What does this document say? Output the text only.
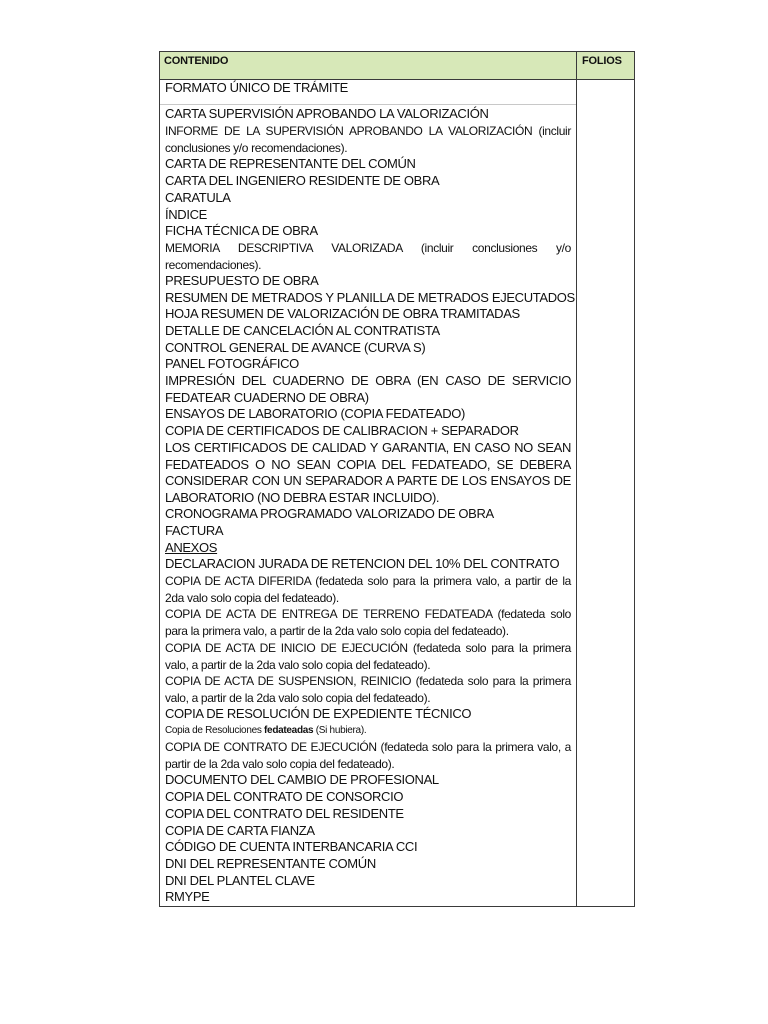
CONTENIDO	FOLIOS
FORMATO ÚNICO DE TRÁMITE
CARTA SUPERVISIÓN APROBANDO LA VALORIZACIÓN
INFORME DE LA SUPERVISIÓN APROBANDO LA VALORIZACIÓN (incluir conclusiones y/o recomendaciones).
CARTA DE REPRESENTANTE DEL COMÚN
CARTA DEL INGENIERO RESIDENTE DE OBRA
CARATULA
ÍNDICE
FICHA TÉCNICA DE OBRA
MEMORIA DESCRIPTIVA VALORIZADA (incluir conclusiones y/o recomendaciones).
PRESUPUESTO DE OBRA
RESUMEN DE METRADOS Y PLANILLA DE METRADOS EJECUTADOS
HOJA RESUMEN DE VALORIZACIÓN DE OBRA TRAMITADAS
DETALLE DE CANCELACIÓN AL CONTRATISTA
CONTROL GENERAL DE AVANCE (CURVA S)
PANEL FOTOGRÁFICO
IMPRESIÓN DEL CUADERNO DE OBRA (EN CASO DE SERVICIO FEDATEAR CUADERNO DE OBRA)
ENSAYOS DE LABORATORIO (COPIA FEDATEADO)
COPIA DE CERTIFICADOS DE CALIBRACION + SEPARADOR
LOS CERTIFICADOS DE CALIDAD Y GARANTIA, EN CASO NO SEAN FEDATEADOS O NO SEAN COPIA DEL FEDATEADO, SE DEBERA CONSIDERAR CON UN SEPARADOR A PARTE DE LOS ENSAYOS DE LABORATORIO (NO DEBRA ESTAR INCLUIDO).
CRONOGRAMA PROGRAMADO VALORIZADO DE OBRA
FACTURA
ANEXOS
DECLARACION JURADA DE RETENCION DEL 10% DEL CONTRATO
COPIA DE ACTA DIFERIDA (fedateda solo para la primera valo, a partir de la 2da valo solo copia del fedateado).
COPIA DE ACTA DE ENTREGA DE TERRENO FEDATEADA (fedateda solo para la primera valo, a partir de la 2da valo solo copia del fedateado).
COPIA DE ACTA DE INICIO DE EJECUCIÓN (fedateda solo para la primera valo, a partir de la 2da valo solo copia del fedateado).
COPIA DE ACTA DE SUSPENSION, REINICIO (fedateda solo para la primera valo, a partir de la 2da valo solo copia del fedateado).
COPIA DE RESOLUCIÓN DE EXPEDIENTE TÉCNICO
Copia de Resoluciones fedateadas (Si hubiera).
COPIA DE CONTRATO DE EJECUCIÓN (fedateda solo para la primera valo, a partir de la 2da valo solo copia del fedateado).
DOCUMENTO DEL CAMBIO DE PROFESIONAL
COPIA DEL CONTRATO DE CONSORCIO
COPIA DEL CONTRATO DEL RESIDENTE
COPIA DE CARTA FIANZA
CÓDIGO DE CUENTA INTERBANCARIA CCI
DNI DEL REPRESENTANTE COMÚN
DNI DEL PLANTEL CLAVE
RMYPE
